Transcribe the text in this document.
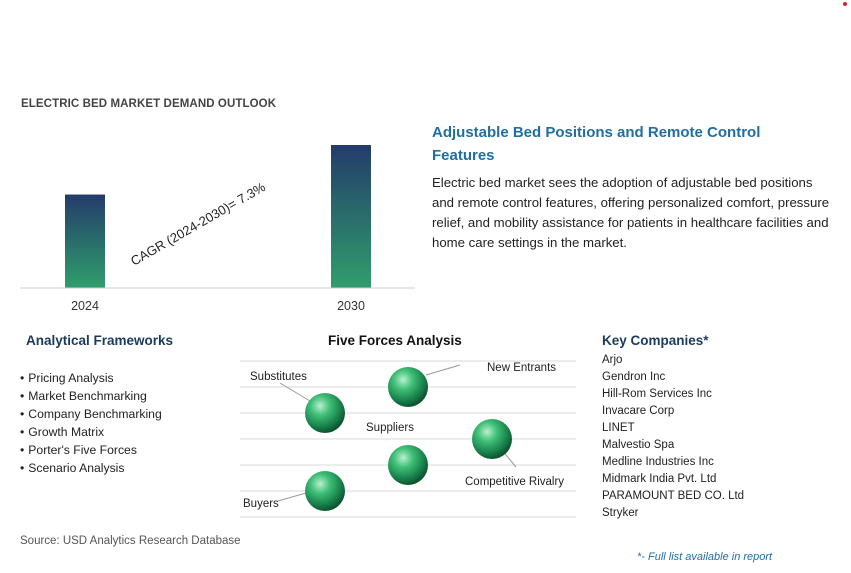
ELECTRIC BED MARKET DEMAND OUTLOOK
2024	2030
CAGR (2024-2030)= 7.3%
Adjustable Bed Positions and Remote Control Features
Electric bed market sees the adoption of adjustable bed positions and remote control features, offering personalized comfort, pressure relief, and mobility assistance for patients in healthcare facilities and home care settings in the market.
Analytical Frameworks
• Pricing Analysis
• Market Benchmarking
• Company Benchmarking
• Growth Matrix
• Porter's Five Forces
• Scenario Analysis
Five Forces Analysis
Substitutes
New Entrants
Suppliers
Competitive Rivalry
Buyers
Key Companies*
Arjo
Gendron Inc
Hill-Rom Services Inc
Invacare Corp
LINET
Malvestio Spa
Medline Industries Inc
Midmark India Pvt. Ltd
PARAMOUNT BED CO. Ltd
Stryker
Source: USD Analytics Research Database
*- Full list available in report
